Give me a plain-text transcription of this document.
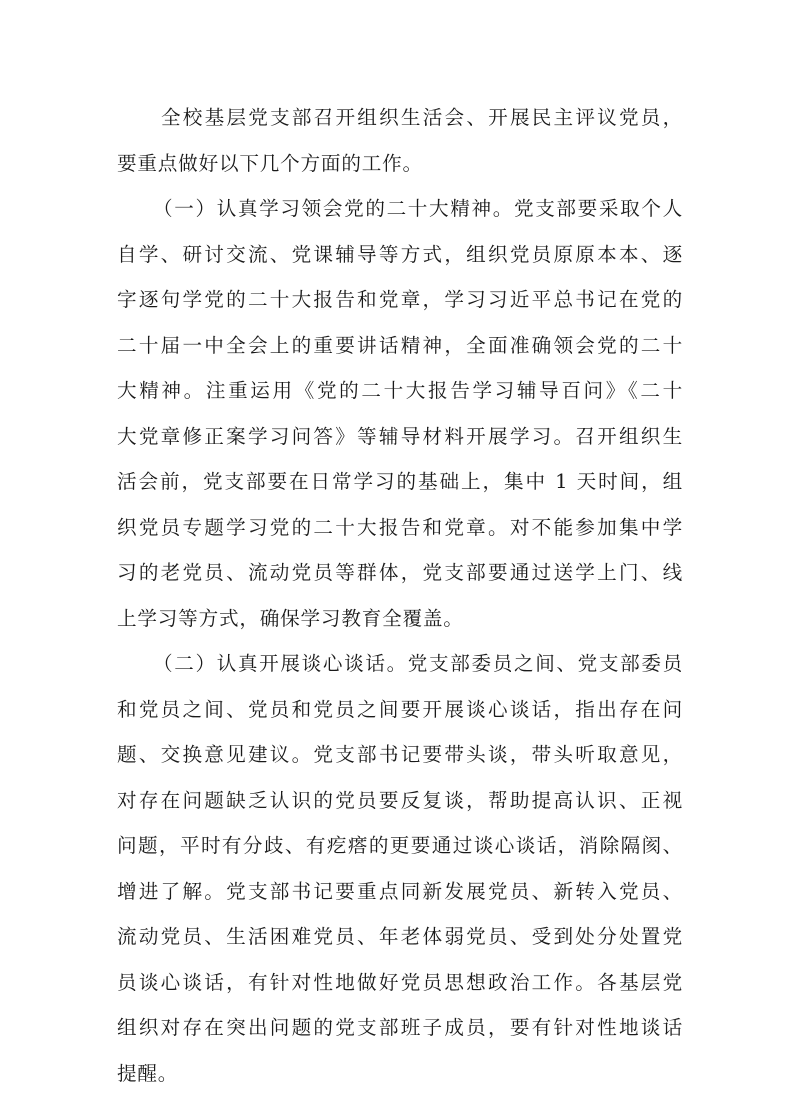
全校基层党支部召开组织生活会、开展民主评议党员，
要重点做好以下几个方面的工作。
（一）认真学习领会党的二十大精神。党支部要采取个人
自学、研讨交流、党课辅导等方式，组织党员原原本本、逐
字逐句学党的二十大报告和党章，学习习近平总书记在党的
二十届一中全会上的重要讲话精神，全面准确领会党的二十
大精神。注重运用《党的二十大报告学习辅导百问》《二十
大党章修正案学习问答》等辅导材料开展学习。召开组织生
活会前，党支部要在日常学习的基础上，集中 1 天时间，组
织党员专题学习党的二十大报告和党章。对不能参加集中学
习的老党员、流动党员等群体，党支部要通过送学上门、线
上学习等方式，确保学习教育全覆盖。
（二）认真开展谈心谈话。党支部委员之间、党支部委员
和党员之间、党员和党员之间要开展谈心谈话，指出存在问
题、交换意见建议。党支部书记要带头谈，带头听取意见，
对存在问题缺乏认识的党员要反复谈，帮助提高认识、正视
问题，平时有分歧、有疙瘩的更要通过谈心谈话，消除隔阂、
增进了解。党支部书记要重点同新发展党员、新转入党员、
流动党员、生活困难党员、年老体弱党员、受到处分处置党
员谈心谈话，有针对性地做好党员思想政治工作。各基层党
组织对存在突出问题的党支部班子成员，要有针对性地谈话
提醒。
